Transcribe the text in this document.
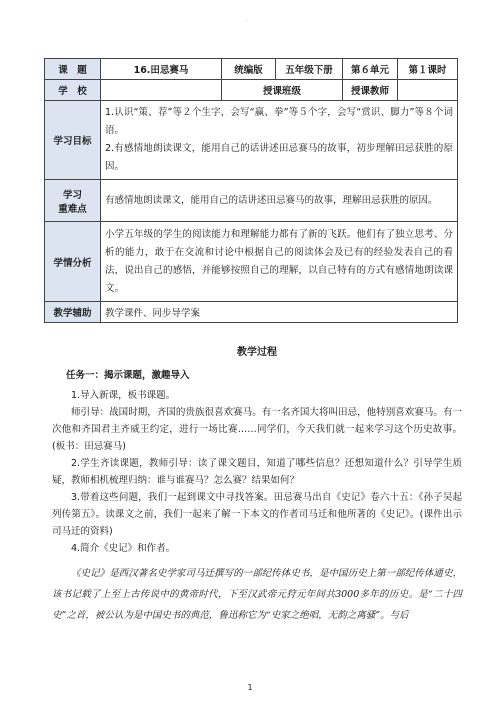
·
课　题	16.田忌赛马	统编版	五年级下册	第６单元	第１课时
学　校		授课班级		授课教师	
学习目标	1.认识“策、荐”等２个生字，会写“赢、拳”等５个字，会写“赏识、脚力”等８个词语。

2.有感情地朗读课文，能用自己的话讲述田忌赛马的故事，初步理解田忌获胜的原因。				

学习
重难点	有感情地朗读课文，能用自己的话讲述田忌赛马的故事，理解田忌获胜的原因。				
学情分析	小学五年级的学生的阅读能力和理解能力都有了新的飞跃。他们有了独立思考、分析的能力，敢于在交流和讨论中根据自己的阅读体会及已有的经验发表自己的看法，说出自己的感悟，并能够按照自己的理解，以自己特有的方式有感情地朗读课文。				
教学辅助	教学课件、同步导学案				
教学过程
任务一：揭示课题，激趣导入

1.导入新课，板书课题。

师引导：战国时期，齐国的贵族很喜欢赛马。有一名齐国大将叫田忌，他特别喜欢赛马。有一次他和齐国君主齐威王约定，进行一场比赛……同学们，今天我们就一起来学习这个历史故事。(板书：田忌赛马)

2.学生齐读课题，教师引导：读了课文题目，知道了哪些信息？还想知道什么？引导学生质疑，教师相机梳理归纳：谁与谁赛马？怎么赛？结果如何？

3.带着这些问题，我们一起到课文中寻找答案。田忌赛马出自《史记》卷六十五：《孙子吴起列传第五》。读课文之前，我们一起来了解一下本文的作者司马迁和他所著的《史记》。(课件出示司马迁的资料)

4.简介《史记》和作者。

《史记》是西汉著名史学家司马迁撰写的一部纪传体史书，是中国历史上第一部纪传体通史，该书记载了上至上古传说中的黄帝时代，下至汉武帝元狩元年间共3000多年的历史。是“二十四史”之首，被公认为是中国史书的典范，鲁迅称它为“史家之绝唱，无韵之离骚”。与后

1
